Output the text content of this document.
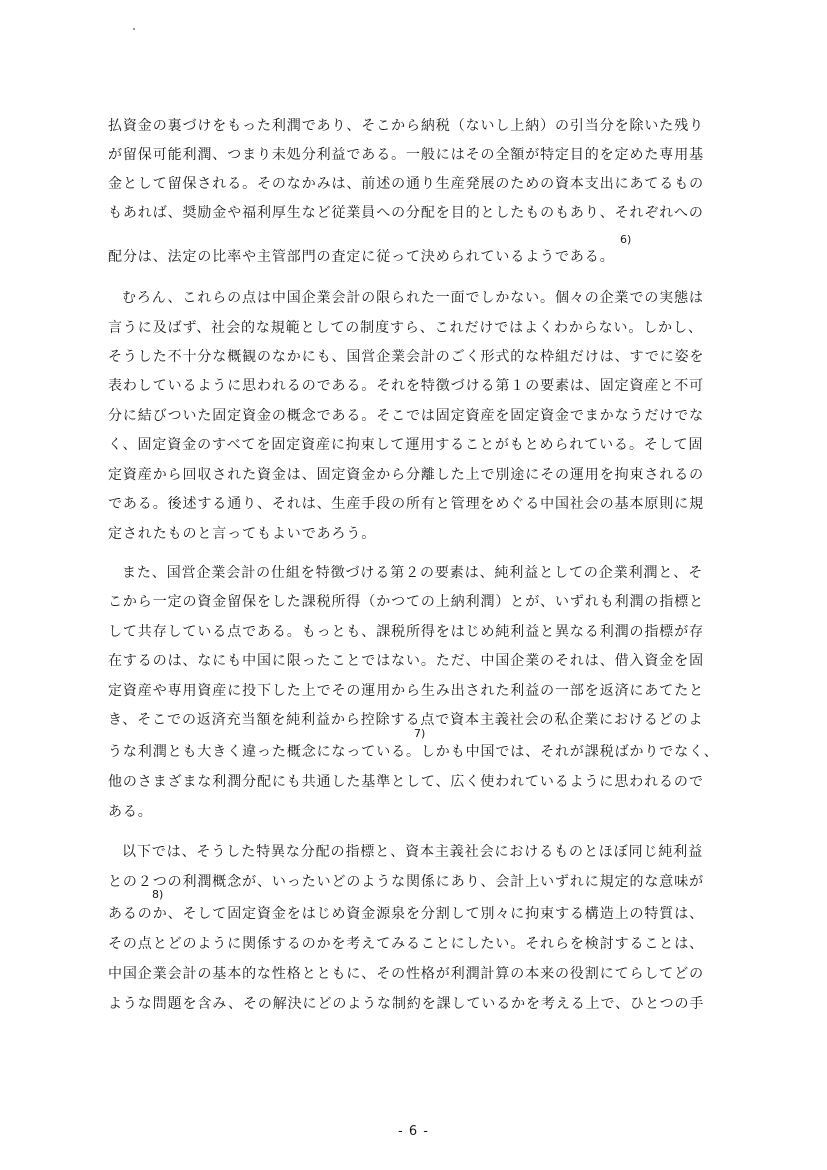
払資金の裏づけをもった利潤であり、そこから納税（ないし上納）の引当分を除いた残り
が留保可能利潤、つまり未処分利益である。一般にはその全額が特定目的を定めた専用基
金として留保される。そのなかみは、前述の通り生産発展のための資本支出にあてるもの
もあれば、奨励金や福利厚生など従業員への分配を目的としたものもあり、それぞれへの
6)
配分は、法定の比率や主管部門の査定に従って決められているようである。
むろん、これらの点は中国企業会計の限られた一面でしかない。個々の企業での実態は
言うに及ばず、社会的な規範としての制度すら、これだけではよくわからない。しかし、
そうした不十分な概観のなかにも、国営企業会計のごく形式的な枠組だけは、すでに姿を
表わしているように思われるのである。それを特徴づける第１の要素は、固定資産と不可
分に結びついた固定資金の概念である。そこでは固定資産を固定資金でまかなうだけでな
く、固定資金のすべてを固定資産に拘束して運用することがもとめられている。そして固
定資産から回収された資金は、固定資金から分離した上で別途にその運用を拘束されるの
である。後述する通り、それは、生産手段の所有と管理をめぐる中国社会の基本原則に規
定されたものと言ってもよいであろう。
また、国営企業会計の仕組を特徴づける第２の要素は、純利益としての企業利潤と、そ
こから一定の資金留保をした課税所得（かつての上納利潤）とが、いずれも利潤の指標と
して共存している点である。もっとも、課税所得をはじめ純利益と異なる利潤の指標が存
在するのは、なにも中国に限ったことではない。ただ、中国企業のそれは、借入資金を固
定資産や専用資産に投下した上でその運用から生み出された利益の一部を返済にあてたと
き、そこでの返済充当額を純利益から控除する点で資本主義社会の私企業におけるどのよ
7)
うな利潤とも大きく違った概念になっている。しかも中国では、それが課税ばかりでなく、
他のさまざまな利潤分配にも共通した基準として、広く使われているように思われるので
ある。
以下では、そうした特異な分配の指標と、資本主義社会におけるものとほぼ同じ純利益
との２つの利潤概念が、いったいどのような関係にあり、会計上いずれに規定的な意味が
8)
あるのか、そして固定資金をはじめ資金源泉を分割して別々に拘束する構造上の特質は、
その点とどのように関係するのかを考えてみることにしたい。それらを検討することは、
中国企業会計の基本的な性格とともに、その性格が利潤計算の本来の役割にてらしてどの
ような問題を含み、その解決にどのような制約を課しているかを考える上で、ひとつの手
- 6 -
